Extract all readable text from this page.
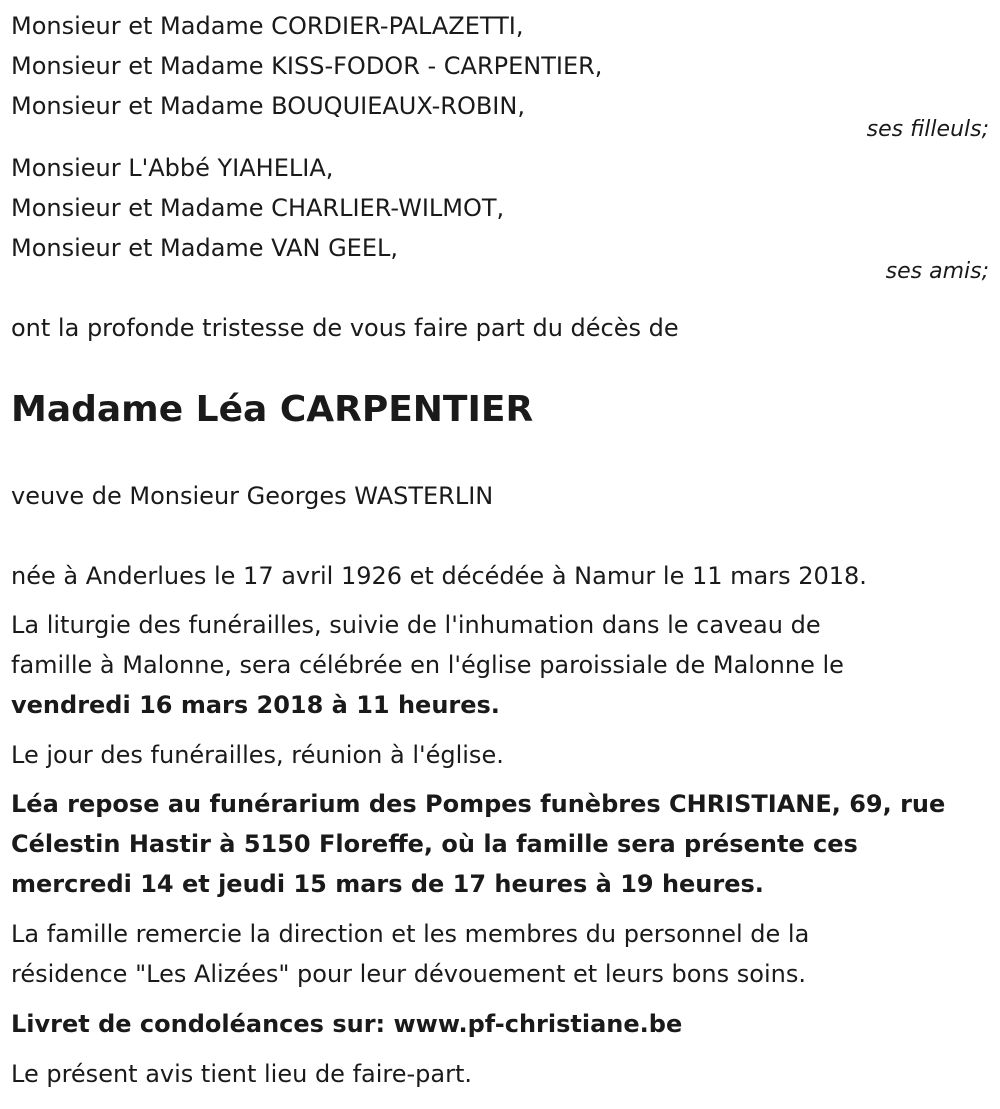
Monsieur et Madame CORDIER-PALAZETTI,

Monsieur et Madame KISS-FODOR - CARPENTIER,

Monsieur et Madame BOUQUIEAUX-ROBIN,

ses filleuls;

Monsieur L'Abbé YIAHELIA,

Monsieur et Madame CHARLIER-WILMOT,

Monsieur et Madame VAN GEEL,

ses amis;

ont la profonde tristesse de vous faire part du décès de

Madame Léa CARPENTIER

veuve de Monsieur Georges WASTERLIN

née à Anderlues le 17 avril 1926 et décédée à Namur le 11 mars 2018.

La liturgie des funérailles, suivie de l'inhumation dans le caveau de

famille à Malonne, sera célébrée en l'église paroissiale de Malonne le

vendredi 16 mars 2018 à 11 heures.

Le jour des funérailles, réunion à l'église.

Léa repose au funérarium des Pompes funèbres CHRISTIANE, 69, rue

Célestin Hastir à 5150 Floreffe, où la famille sera présente ces

mercredi 14 et jeudi 15 mars de 17 heures à 19 heures.

La famille remercie la direction et les membres du personnel de la

résidence "Les Alizées" pour leur dévouement et leurs bons soins.

Livret de condoléances sur: www.pf-christiane.be

Le présent avis tient lieu de faire-part.
